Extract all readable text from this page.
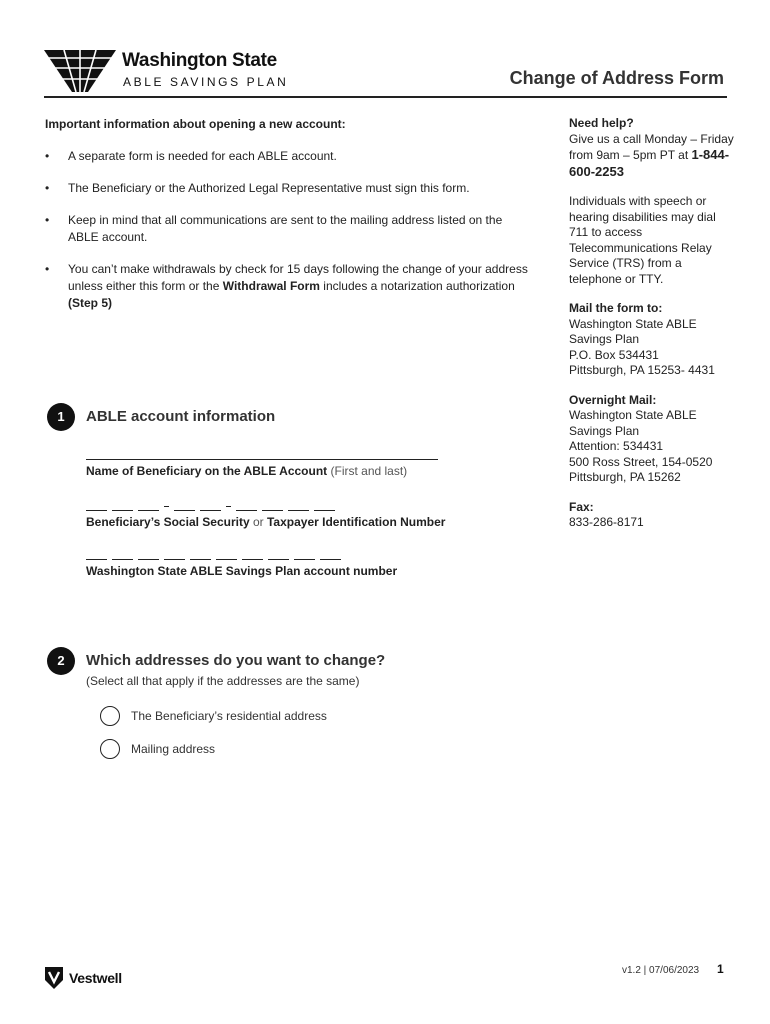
Washington State
ABLE SAVINGS PLAN	Change of Address Form
Important information about opening a new account:
• A separate form is needed for each ABLE account.
• The Beneficiary or the Authorized Legal Representative must sign this form.
• Keep in mind that all communications are sent to the mailing address listed on the ABLE account.
• You can’t make withdrawals by check for 15 days following the change of your address unless either this form or the Withdrawal Form includes a notarization authorization (Step 5)
Need help?
Give us a call Monday – Friday from 9am – 5pm PT at 1-844-600-2253
Individuals with speech or hearing disabilities may dial 711 to access Telecommunications Relay Service (TRS) from a telephone or TTY.
Mail the form to:
Washington State ABLE
Savings Plan
P.O. Box 534431
Pittsburgh, PA 15253- 4431
Overnight Mail:
Washington State ABLE
Savings Plan
Attention: 534431
500 Ross Street, 154-0520
Pittsburgh, PA 15262
Fax:
833-286-8171
1	ABLE account information
Name of Beneficiary on the ABLE Account (First and last)
Beneficiary’s Social Security or Taxpayer Identification Number
Washington State ABLE Savings Plan account number
2	Which addresses do you want to change?
(Select all that apply if the addresses are the same)
The Beneficiary’s residential address
Mailing address
Vestwell	v1.2 | 07/06/2023 1
